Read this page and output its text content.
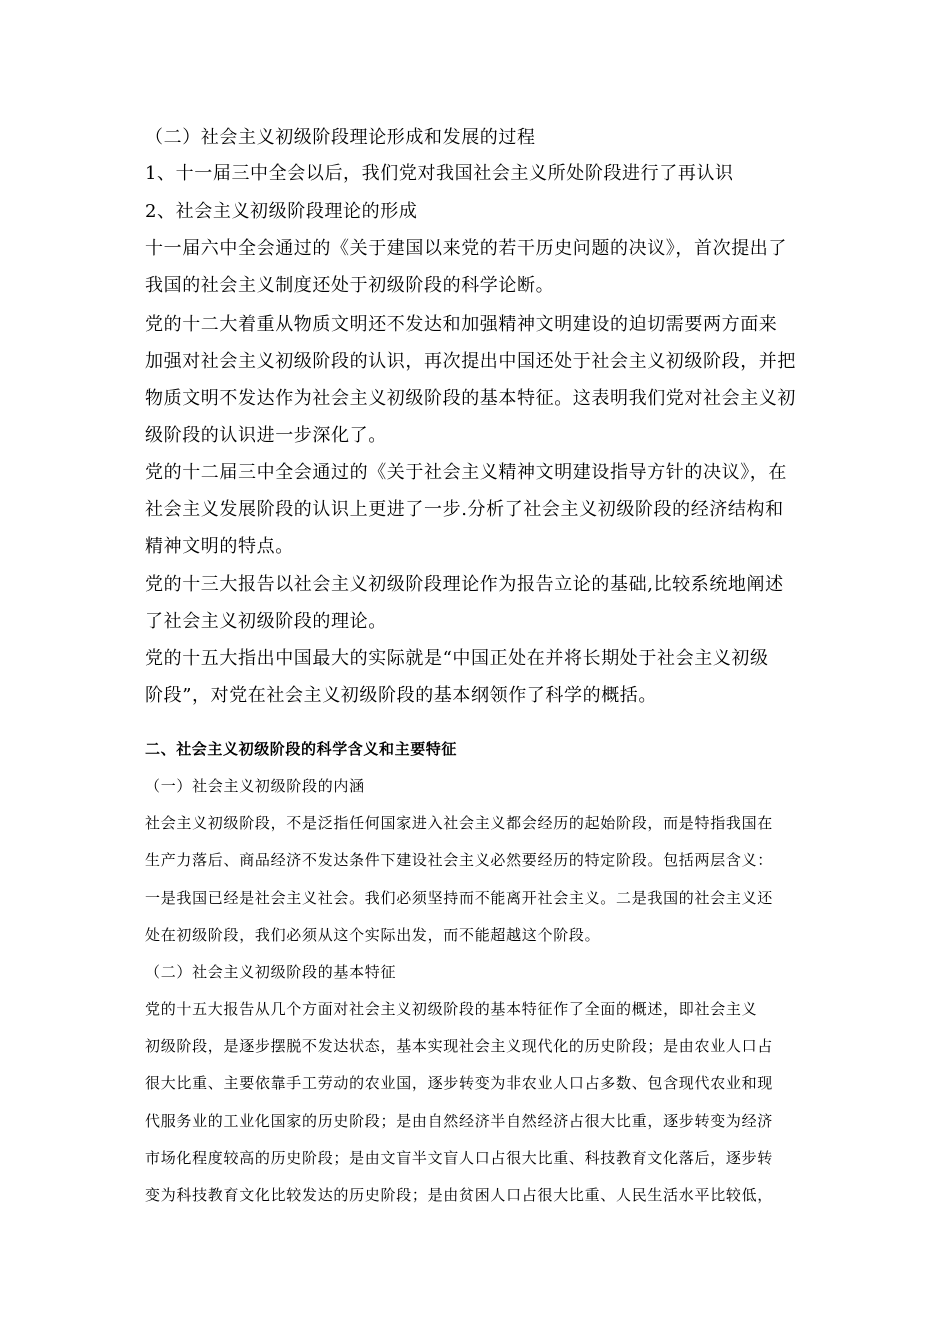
（二）社会主义初级阶段理论形成和发展的过程
1、十一届三中全会以后，我们党对我国社会主义所处阶段进行了再认识
2、社会主义初级阶段理论的形成
十一届六中全会通过的《关于建国以来党的若干历史问题的决议》，首次提出了
我国的社会主义制度还处于初级阶段的科学论断。
党的十二大着重从物质文明还不发达和加强精神文明建设的迫切需要两方面来
加强对社会主义初级阶段的认识，再次提出中国还处于社会主义初级阶段，并把
物质文明不发达作为社会主义初级阶段的基本特征。这表明我们党对社会主义初
级阶段的认识进一步深化了。
党的十二届三中全会通过的《关于社会主义精神文明建设指导方针的决议》，在
社会主义发展阶段的认识上更进了一步.分析了社会主义初级阶段的经济结构和
精神文明的特点。
党的十三大报告以社会主义初级阶段理论作为报告立论的基础,比较系统地阐述
了社会主义初级阶段的理论。
党的十五大指出中国最大的实际就是“中国正处在并将长期处于社会主义初级
阶段”，对党在社会主义初级阶段的基本纲领作了科学的概括。
二、社会主义初级阶段的科学含义和主要特征
（一）社会主义初级阶段的内涵
社会主义初级阶段，不是泛指任何国家进入社会主义都会经历的起始阶段，而是特指我国在
生产力落后、商品经济不发达条件下建设社会主义必然要经历的特定阶段。包括两层含义：
一是我国已经是社会主义社会。我们必须坚持而不能离开社会主义。二是我国的社会主义还
处在初级阶段，我们必须从这个实际出发，而不能超越这个阶段。
（二）社会主义初级阶段的基本特征
党的十五大报告从几个方面对社会主义初级阶段的基本特征作了全面的概述，即社会主义
初级阶段，是逐步摆脱不发达状态，基本实现社会主义现代化的历史阶段；是由农业人口占
很大比重、主要依靠手工劳动的农业国，逐步转变为非农业人口占多数、包含现代农业和现
代服务业的工业化国家的历史阶段；是由自然经济半自然经济占很大比重，逐步转变为经济
市场化程度较高的历史阶段；是由文盲半文盲人口占很大比重、科技教育文化落后，逐步转
变为科技教育文化比较发达的历史阶段；是由贫困人口占很大比重、人民生活水平比较低，
